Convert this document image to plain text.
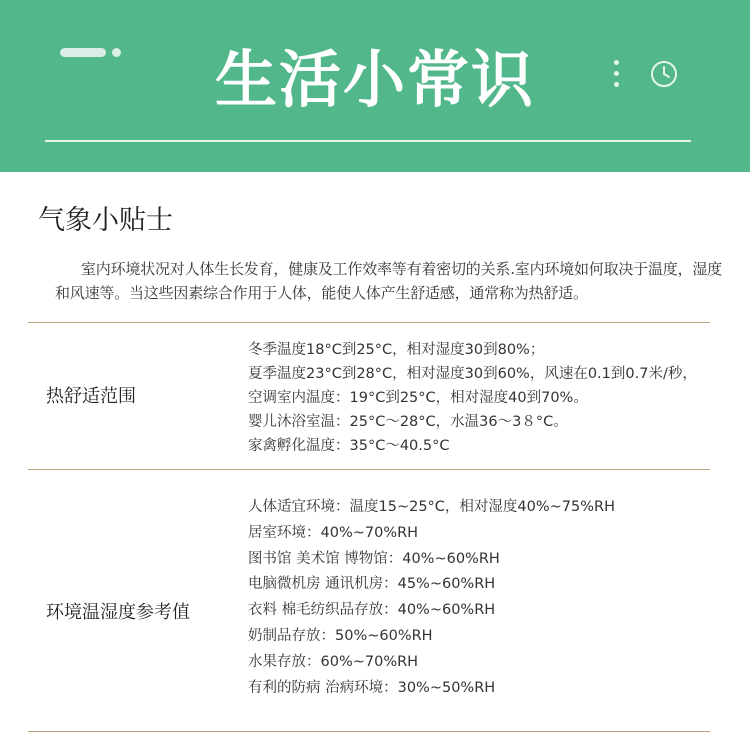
生活小常识
气象小贴士
室内环境状况对人体生长发育，健康及工作效率等有着密切的关系.室内环境如何取决于温度，湿度和风速等。当这些因素综合作用于人体，能使人体产生舒适感，通常称为热舒适。
热舒适范围
冬季温度18°C到25°C，相对湿度30到80%；
夏季温度23°C到28°C，相对湿度30到60%，风速在0.1到0.7米/秒，
空调室内温度：19°C到25°C，相对湿度40到70%。
婴儿沐浴室温：25°C～28°C，水温36～3８°C。
家禽孵化温度：35°C～40.5°C
环境温湿度参考值
人体适宜环境：温度15~25°C，相对湿度40%~75%RH
居室环境：40%~70%RH
图书馆 美术馆 博物馆：40%~60%RH
电脑微机房 通讯机房：45%~60%RH
衣料 棉毛纺织品存放：40%~60%RH
奶制品存放：50%~60%RH
水果存放：60%~70%RH
有利的防病 治病环境：30%~50%RH
